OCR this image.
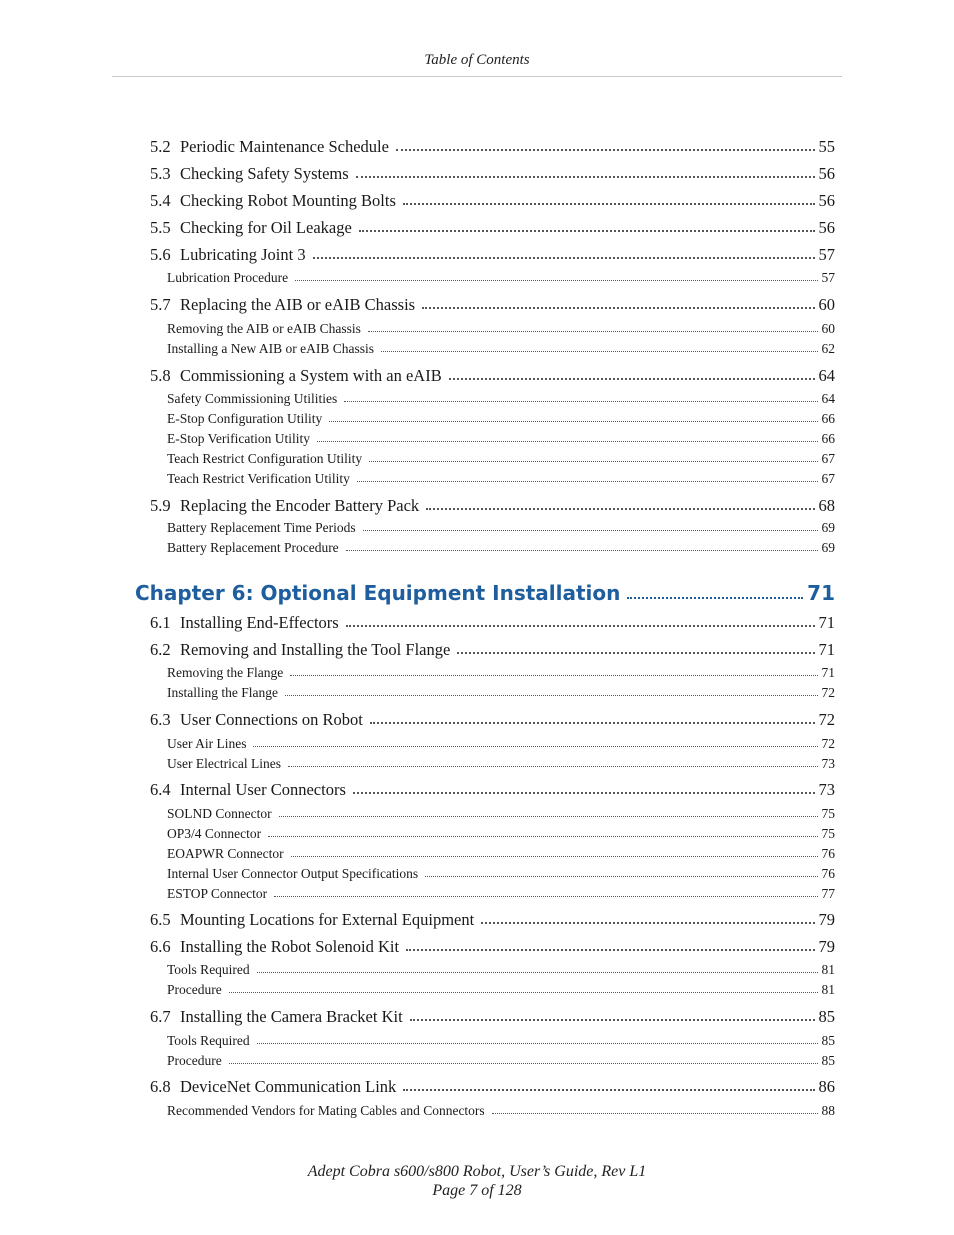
Table of Contents
5.2 Periodic Maintenance Schedule	55
5.3 Checking Safety Systems	56
5.4 Checking Robot Mounting Bolts	56
5.5 Checking for Oil Leakage	56
5.6 Lubricating Joint 3	57
Lubrication Procedure	57
5.7 Replacing the AIB or eAIB Chassis	60
Removing the AIB or eAIB Chassis	60
Installing a New AIB or eAIB Chassis	62
5.8 Commissioning a System with an eAIB	64
Safety Commissioning Utilities	64
E-Stop Configuration Utility	66
E-Stop Verification Utility	66
Teach Restrict Configuration Utility	67
Teach Restrict Verification Utility	67
5.9 Replacing the Encoder Battery Pack	68
Battery Replacement Time Periods	69
Battery Replacement Procedure	69
Chapter 6: Optional Equipment Installation	71
6.1 Installing End-Effectors	71
6.2 Removing and Installing the Tool Flange	71
Removing the Flange	71
Installing the Flange	72
6.3 User Connections on Robot	72
User Air Lines	72
User Electrical Lines	73
6.4 Internal User Connectors	73
SOLND Connector	75
OP3/4 Connector	75
EOAPWR Connector	76
Internal User Connector Output Specifications	76
ESTOP Connector	77
6.5 Mounting Locations for External Equipment	79
6.6 Installing the Robot Solenoid Kit	79
Tools Required	81
Procedure	81
6.7 Installing the Camera Bracket Kit	85
Tools Required	85
Procedure	85
6.8 DeviceNet Communication Link	86
Recommended Vendors for Mating Cables and Connectors	88
Adept Cobra s600/s800 Robot, User’s Guide, Rev L1
Page 7 of 128
